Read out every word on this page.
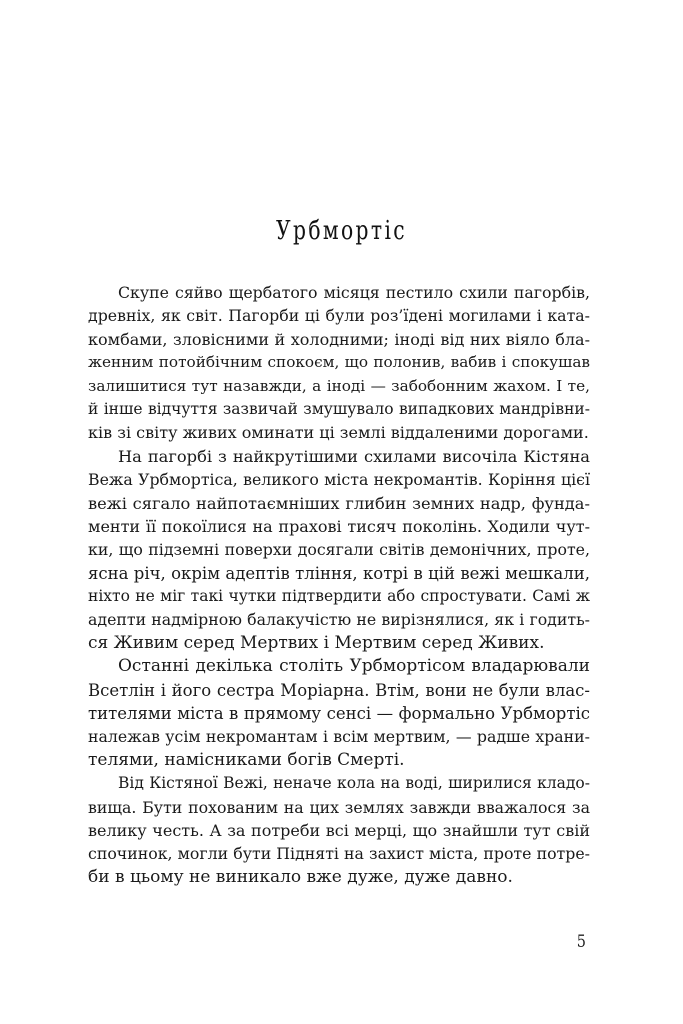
Урбмортіс
Скупе сяйво щербатого місяця пестило схили пагорбів,
древніх, як світ. Пагорби ці були роз’їдені могилами і ката-
комбами, зловісними й холодними; іноді від них віяло бла-
женним потойбічним спокоєм, що полонив, вабив і спокушав
залишитися тут назавжди, а іноді — забобонним жахом. І те,
й інше відчуття зазвичай змушувало випадкових мандрівни-
ків зі світу живих оминати ці землі віддаленими дорогами.
На пагорбі з найкрутішими схилами височіла Кістяна
Вежа Урбмортіса, великого міста некромантів. Коріння цієї
вежі сягало найпотаємніших глибин земних надр, фунда-
менти її покоїлися на прахові тисяч поколінь. Ходили чут-
ки, що підземні поверхи досягали світів демонічних, проте,
ясна річ, окрім адептів тління, котрі в цій вежі мешкали,
ніхто не міг такі чутки підтвердити або спростувати. Самі ж
адепти надмірною балакучістю не вирізнялися, як і годить-
ся Живим серед Мертвих і Мертвим серед Живих.
Останні декілька століть Урбмортісом владарювали
Всетлін і його сестра Моріарна. Втім, вони не були влас-
тителями міста в прямому сенсі — формально Урбмортіс
належав усім некромантам і всім мертвим, — радше храни-
телями, намісниками богів Смерті.
Від Кістяної Вежі, неначе кола на воді, ширилися кладо-
вища. Бути похованим на цих землях завжди вважалося за
велику честь. А за потреби всі мерці, що знайшли тут свій
спочинок, могли бути Підняті на захист міста, проте потре-
би в цьому не виникало вже дуже, дуже давно.
5
